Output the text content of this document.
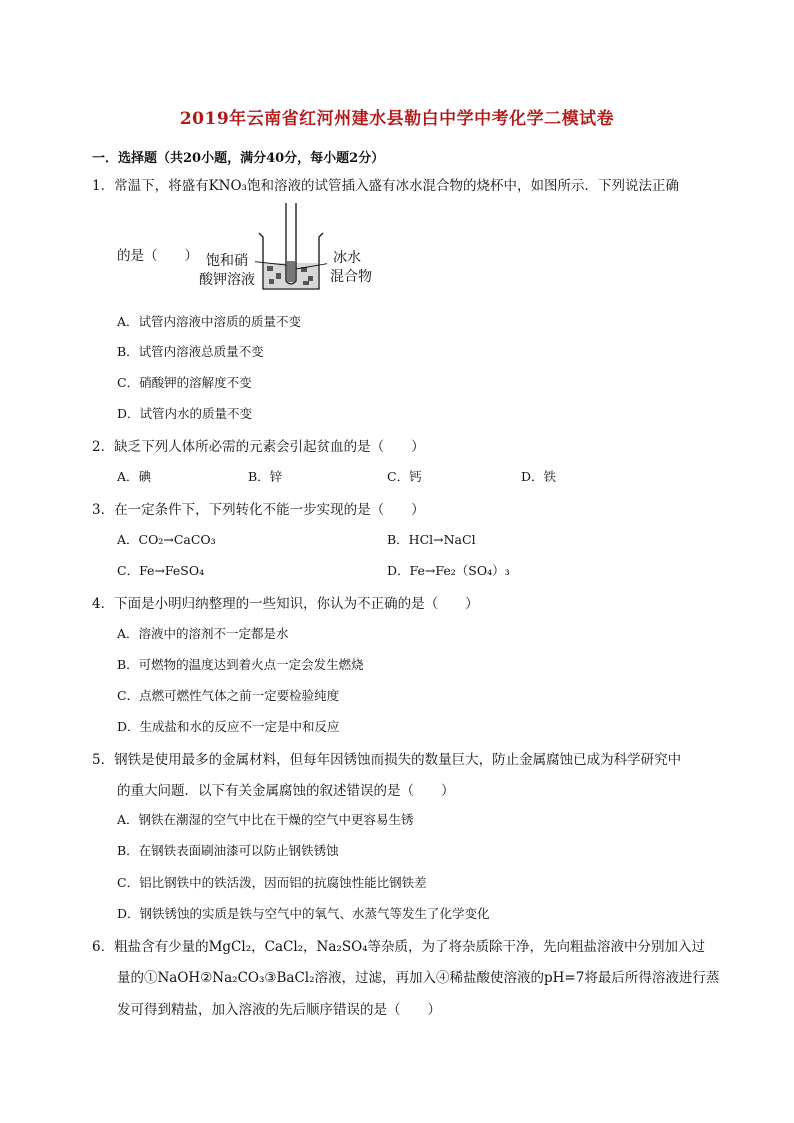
2019年云南省红河州建水县勒白中学中考化学二模试卷
一．选择题（共20小题，满分40分，每小题2分）
1．常温下，将盛有KNO₃饱和溶液的试管插入盛有冰水混合物的烧杯中，如图所示．下列说法正确
的是（　　） 饱和硝
酸钾溶液
冰水
混合物
A．试管内溶液中溶质的质量不变
B．试管内溶液总质量不变
C．硝酸钾的溶解度不变
D．试管内水的质量不变
2．缺乏下列人体所必需的元素会引起贫血的是（　　）
A．碘	B．锌	C．钙	D．铁
3．在一定条件下，下列转化不能一步实现的是（　　）
A．CO₂→CaCO₃	B．HCl→NaCl
C．Fe→FeSO₄	D．Fe→Fe₂（SO₄）₃
4．下面是小明归纳整理的一些知识，你认为不正确的是（　　）
A．溶液中的溶剂不一定都是水
B．可燃物的温度达到着火点一定会发生燃烧
C．点燃可燃性气体之前一定要检验纯度
D．生成盐和水的反应不一定是中和反应
5．钢铁是使用最多的金属材料，但每年因锈蚀而损失的数量巨大，防止金属腐蚀已成为科学研究中
的重大问题．以下有关金属腐蚀的叙述错误的是（　　）
A．钢铁在潮湿的空气中比在干燥的空气中更容易生锈
B．在钢铁表面刷油漆可以防止钢铁锈蚀
C．铝比钢铁中的铁活泼，因而铝的抗腐蚀性能比钢铁差
D．钢铁锈蚀的实质是铁与空气中的氧气、水蒸气等发生了化学变化
6．粗盐含有少量的MgCl₂，CaCl₂，Na₂SO₄等杂质，为了将杂质除干净，先向粗盐溶液中分别加入过
量的①NaOH②Na₂CO₃③BaCl₂溶液，过滤，再加入④稀盐酸使溶液的pH=7将最后所得溶液进行蒸
发可得到精盐，加入溶液的先后顺序错误的是（　　）
